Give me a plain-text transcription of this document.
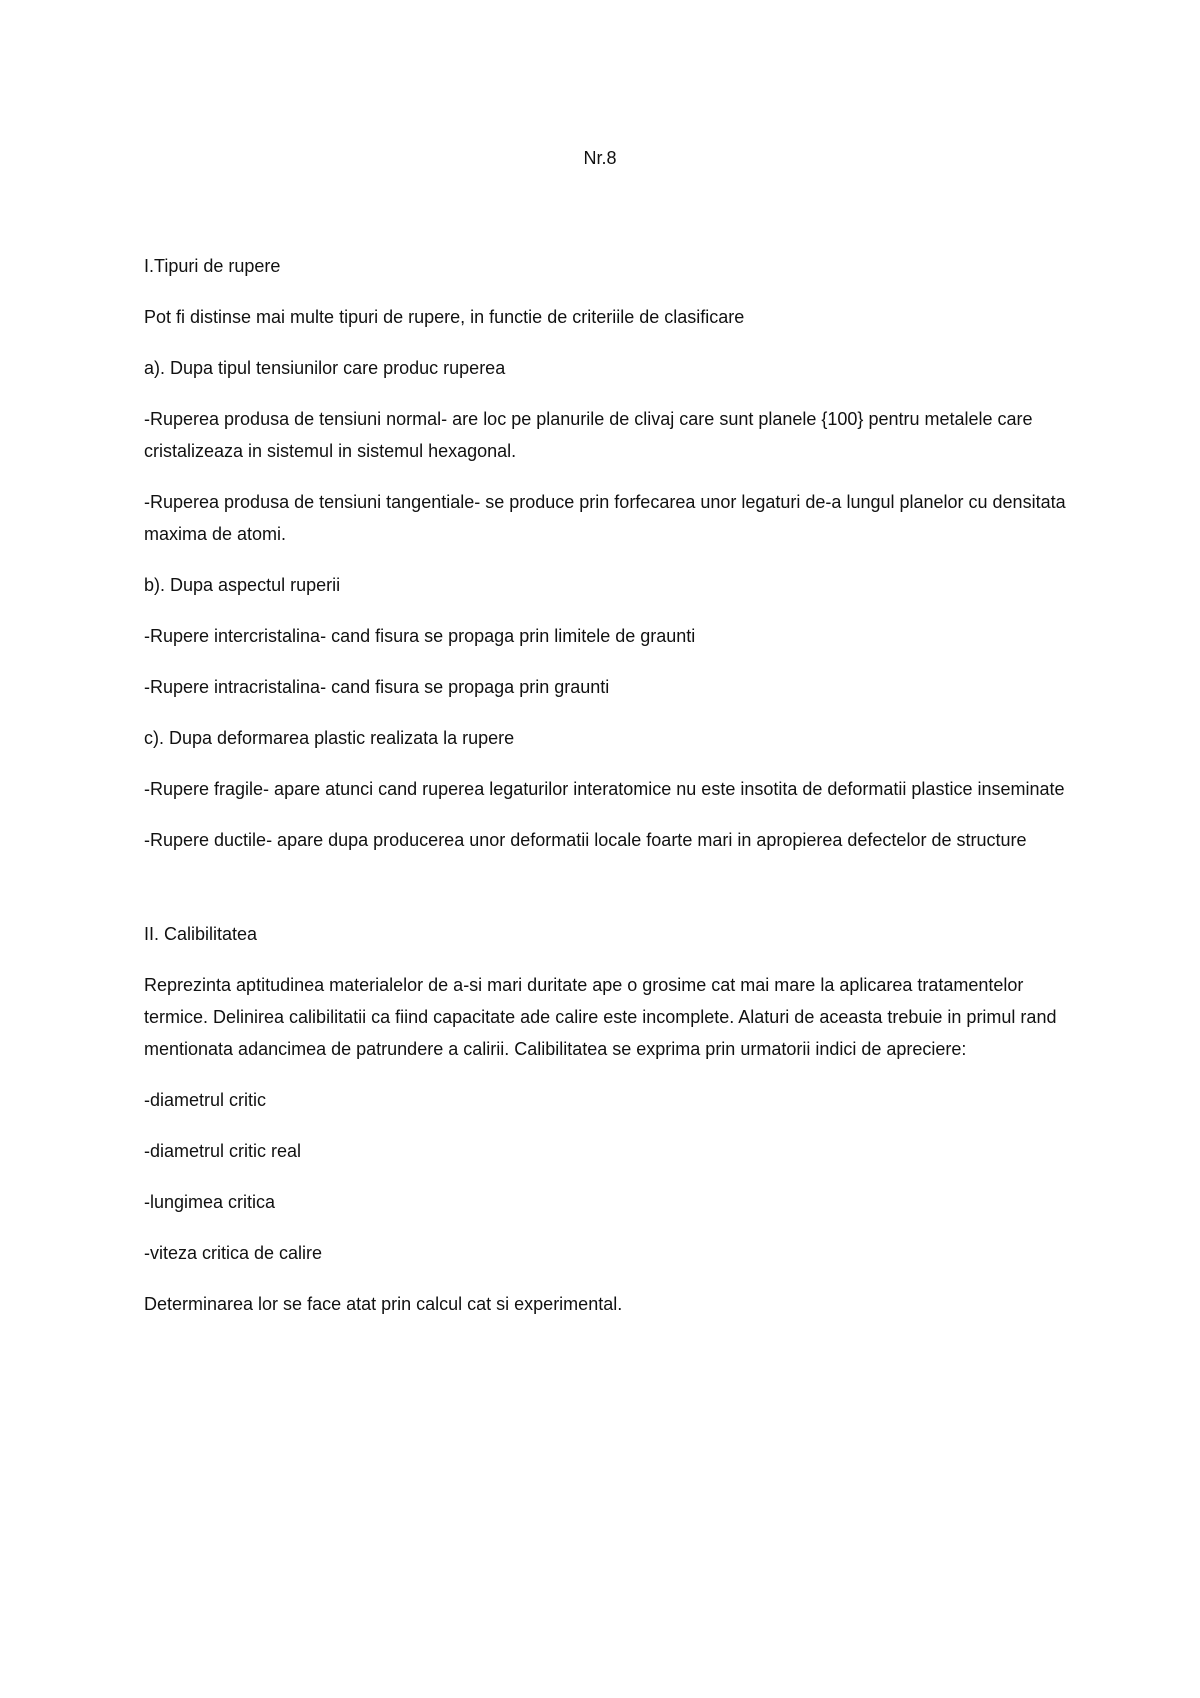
Nr.8

I.Tipuri de rupere

Pot fi distinse mai multe tipuri de rupere, in functie de criteriile de clasificare

a). Dupa tipul tensiunilor care produc ruperea

-Ruperea produsa de tensiuni normal- are loc pe planurile de clivaj care sunt planele {100} pentru metalele care cristalizeaza in sistemul in sistemul hexagonal.

-Ruperea produsa de tensiuni tangentiale- se produce prin forfecarea unor legaturi de-a lungul planelor cu densitata maxima de atomi.

b). Dupa aspectul ruperii

-Rupere intercristalina- cand fisura se propaga prin limitele de graunti

-Rupere intracristalina- cand fisura se propaga prin graunti

c). Dupa deformarea plastic realizata la rupere

-Rupere fragile- apare atunci cand ruperea legaturilor interatomice nu este insotita de deformatii plastice inseminate

-Rupere ductile- apare dupa producerea unor deformatii locale foarte mari in apropierea defectelor de structure

II. Calibilitatea

Reprezinta aptitudinea materialelor de a-si mari duritate ape o grosime cat mai mare la aplicarea tratamentelor termice. Delinirea calibilitatii ca fiind capacitate ade calire este incomplete. Alaturi de aceasta trebuie in primul rand mentionata adancimea de patrundere a calirii. Calibilitatea se exprima prin urmatorii indici de apreciere:

-diametrul critic

-diametrul critic real

-lungimea critica

-viteza critica de calire

Determinarea lor se face atat prin calcul cat si experimental.
